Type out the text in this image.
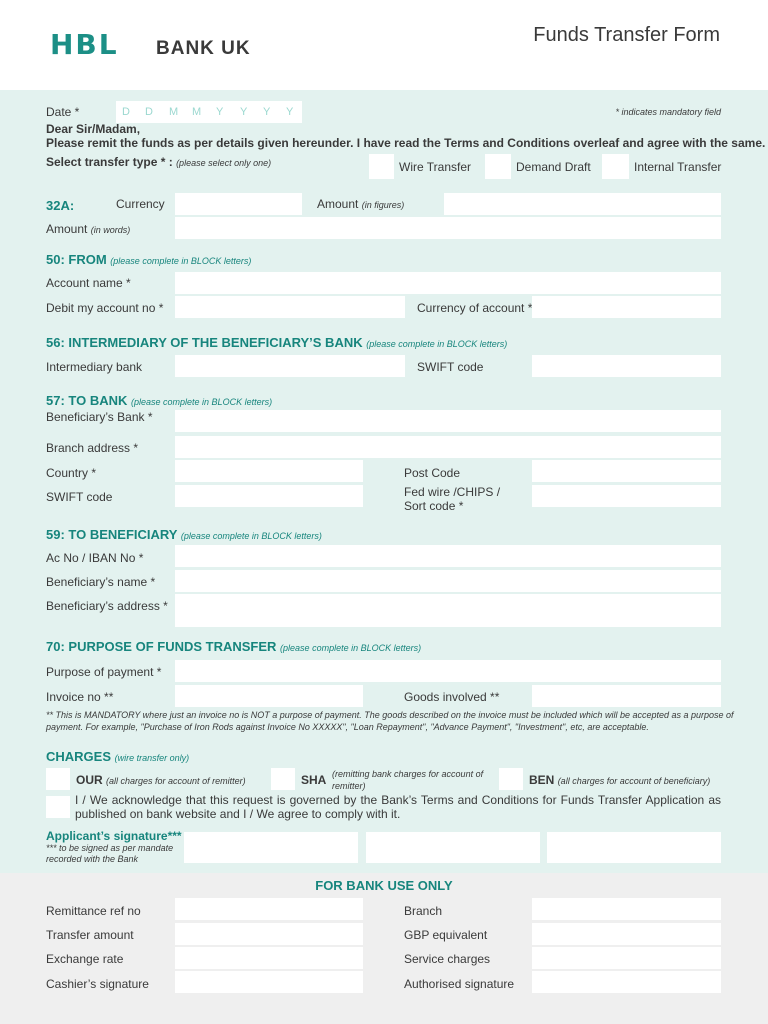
HBL BANK UK
Funds Transfer Form
Date *	D D M M Y Y Y Y	* indicates mandatory field
Dear Sir/Madam,
Please remit the funds as per details given hereunder. I have read the Terms and Conditions overleaf and agree with the same.
Select transfer type * : (please select only one)	Wire Transfer	Demand Draft	Internal Transfer
32A:	Currency	Amount (in figures)
Amount (in words)
50: FROM (please complete in BLOCK letters)
Account name *
Debit my account no *	Currency of account *
56: INTERMEDIARY OF THE BENEFICIARY’S BANK (please complete in BLOCK letters)
Intermediary bank	SWIFT code
57: TO BANK (please complete in BLOCK letters)
Beneficiary’s Bank *
Branch address *
Country *	Post Code
SWIFT code	Fed wire /CHIPS /
Sort code *
59: TO BENEFICIARY (please complete in BLOCK letters)
Ac No / IBAN No *
Beneficiary’s name *
Beneficiary’s address *
70: PURPOSE OF FUNDS TRANSFER (please complete in BLOCK letters)
Purpose of payment *
Invoice no **	Goods involved **
** This is MANDATORY where just an invoice no is NOT a purpose of payment. The goods described on the invoice must be included which will be accepted as a purpose of
payment. For example, "Purchase of Iron Rods against Invoice No XXXXX", "Loan Repayment", "Advance Payment", "Investment", etc, are acceptable.
CHARGES (wire transfer only)
OUR (all charges for account of remitter)	SHA (remitting bank charges for account of
remitter)	BEN (all charges for account of beneficiary)
I / We acknowledge that this request is governed by the Bank’s Terms and Conditions for Funds Transfer Application as
published on bank website and I / We agree to comply with it.
Applicant’s signature***
*** to be signed as per mandate
recorded with the Bank
FOR BANK USE ONLY
Remittance ref no	Branch
Transfer amount	GBP equivalent
Exchange rate	Service charges
Cashier’s signature	Authorised signature
